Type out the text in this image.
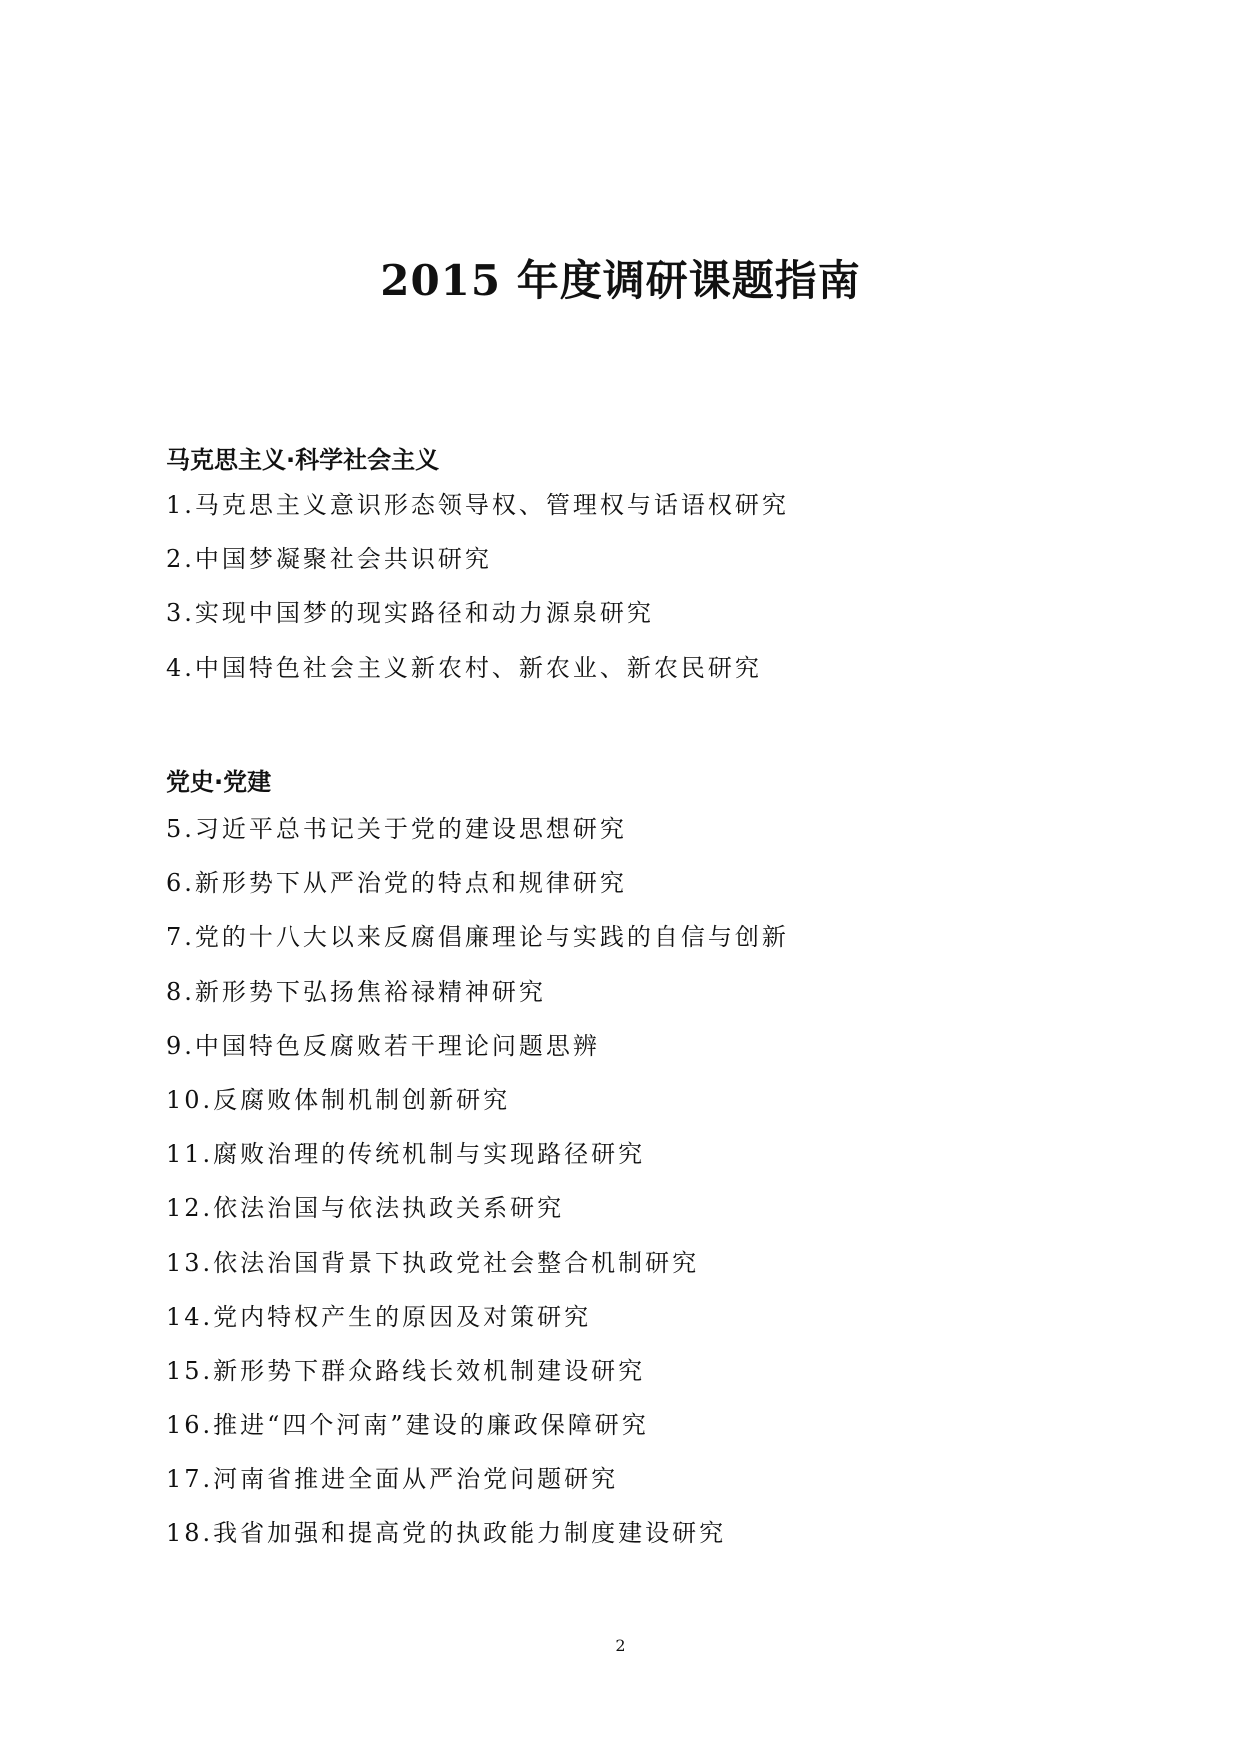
2015 年度调研课题指南
马克思主义·科学社会主义
1.马克思主义意识形态领导权、管理权与话语权研究
2.中国梦凝聚社会共识研究
3.实现中国梦的现实路径和动力源泉研究
4.中国特色社会主义新农村、新农业、新农民研究
党史·党建
5.习近平总书记关于党的建设思想研究
6.新形势下从严治党的特点和规律研究
7.党的十八大以来反腐倡廉理论与实践的自信与创新
8.新形势下弘扬焦裕禄精神研究
9.中国特色反腐败若干理论问题思辨
10.反腐败体制机制创新研究
11.腐败治理的传统机制与实现路径研究
12.依法治国与依法执政关系研究
13.依法治国背景下执政党社会整合机制研究
14.党内特权产生的原因及对策研究
15.新形势下群众路线长效机制建设研究
16.推进“四个河南”建设的廉政保障研究
17.河南省推进全面从严治党问题研究
18.我省加强和提高党的执政能力制度建设研究
2
